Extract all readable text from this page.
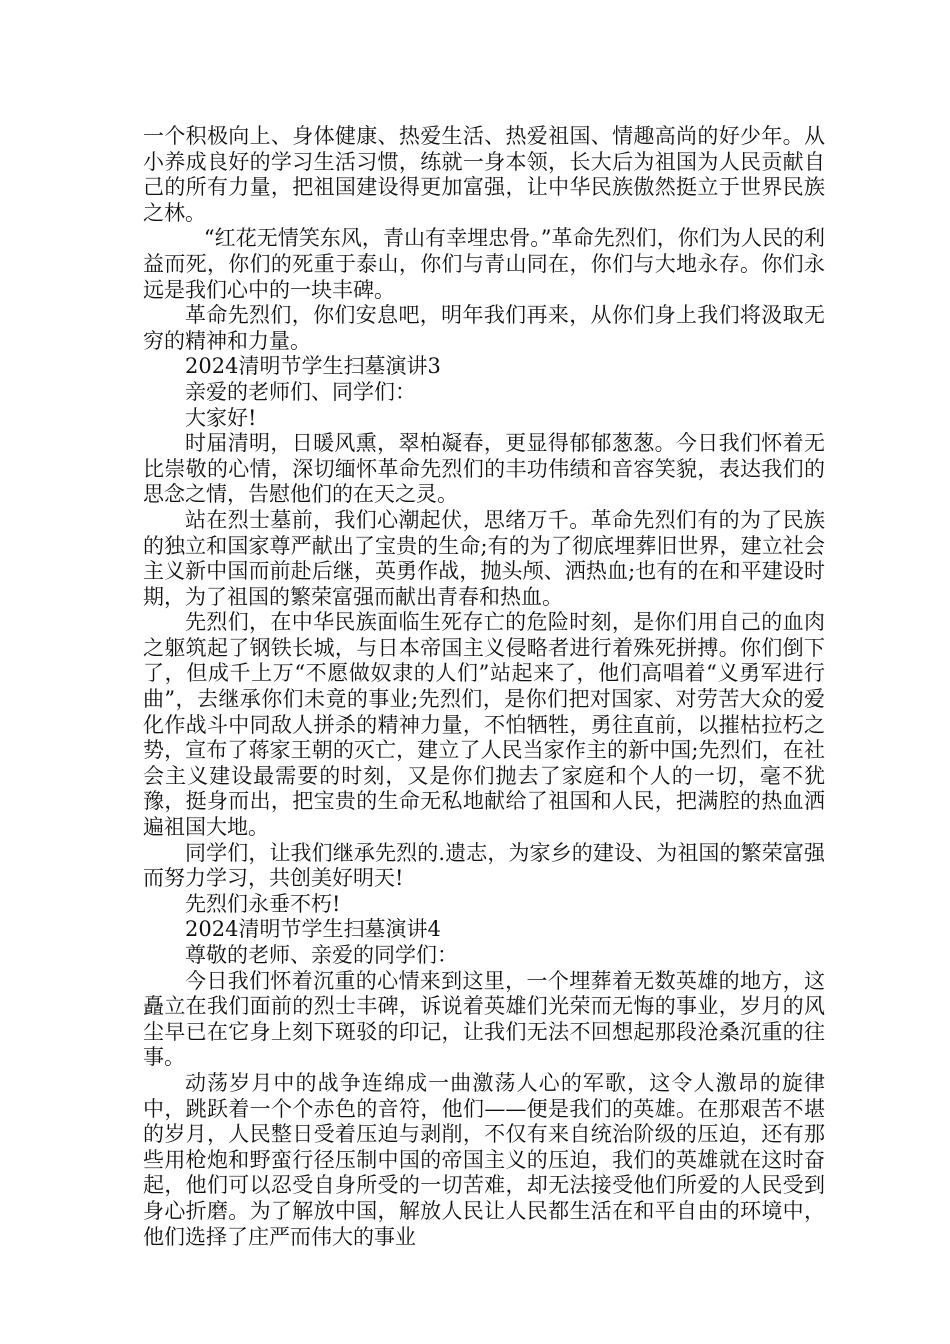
一个积极向上、身体健康、热爱生活、热爱祖国、情趣高尚的好少年。从小养成良好的学习生活习惯，练就一身本领，长大后为祖国为人民贡献自己的所有力量，把祖国建设得更加富强，让中华民族傲然挺立于世界民族之林。

“红花无情笑东风，青山有幸埋忠骨。”革命先烈们，你们为人民的利益而死，你们的死重于泰山，你们与青山同在，你们与大地永存。你们永远是我们心中的一块丰碑。

革命先烈们，你们安息吧，明年我们再来，从你们身上我们将汲取无穷的精神和力量。

2024清明节学生扫墓演讲3

亲爱的老师们、同学们：

大家好!

时届清明，日暖风熏，翠柏凝春，更显得郁郁葱葱。今日我们怀着无比崇敬的心情，深切缅怀革命先烈们的丰功伟绩和音容笑貌，表达我们的思念之情，告慰他们的在天之灵。

站在烈士墓前，我们心潮起伏，思绪万千。革命先烈们有的为了民族的独立和国家尊严献出了宝贵的生命;有的为了彻底埋葬旧世界，建立社会主义新中国而前赴后继，英勇作战，抛头颅、洒热血;也有的在和平建设时期，为了祖国的繁荣富强而献出青春和热血。

先烈们，在中华民族面临生死存亡的危险时刻，是你们用自己的血肉之躯筑起了钢铁长城，与日本帝国主义侵略者进行着殊死拼搏。你们倒下了，但成千上万“不愿做奴隶的人们”站起来了，他们高唱着“义勇军进行曲”，去继承你们未竟的事业;先烈们，是你们把对国家、对劳苦大众的爱化作战斗中同敌人拼杀的精神力量，不怕牺牲，勇往直前，以摧枯拉朽之势，宣布了蒋家王朝的灭亡，建立了人民当家作主的新中国;先烈们，在社会主义建设最需要的时刻，又是你们抛去了家庭和个人的一切，毫不犹豫，挺身而出，把宝贵的生命无私地献给了祖国和人民，把满腔的热血洒遍祖国大地。

同学们，让我们继承先烈的.遗志，为家乡的建设、为祖国的繁荣富强而努力学习，共创美好明天!

先烈们永垂不朽!

2024清明节学生扫墓演讲4

尊敬的老师、亲爱的同学们：

今日我们怀着沉重的心情来到这里，一个埋葬着无数英雄的地方，这矗立在我们面前的烈士丰碑，诉说着英雄们光荣而无悔的事业，岁月的风尘早已在它身上刻下斑驳的印记，让我们无法不回想起那段沧桑沉重的往事。

动荡岁月中的战争连绵成一曲激荡人心的军歌，这令人激昂的旋律中，跳跃着一个个赤色的音符，他们——便是我们的英雄。在那艰苦不堪的岁月，人民整日受着压迫与剥削，不仅有来自统治阶级的压迫，还有那些用枪炮和野蛮行径压制中国的帝国主义的压迫，我们的英雄就在这时奋起，他们可以忍受自身所受的一切苦难，却无法接受他们所爱的人民受到身心折磨。为了解放中国，解放人民让人民都生活在和平自由的环境中，他们选择了庄严而伟大的事业
